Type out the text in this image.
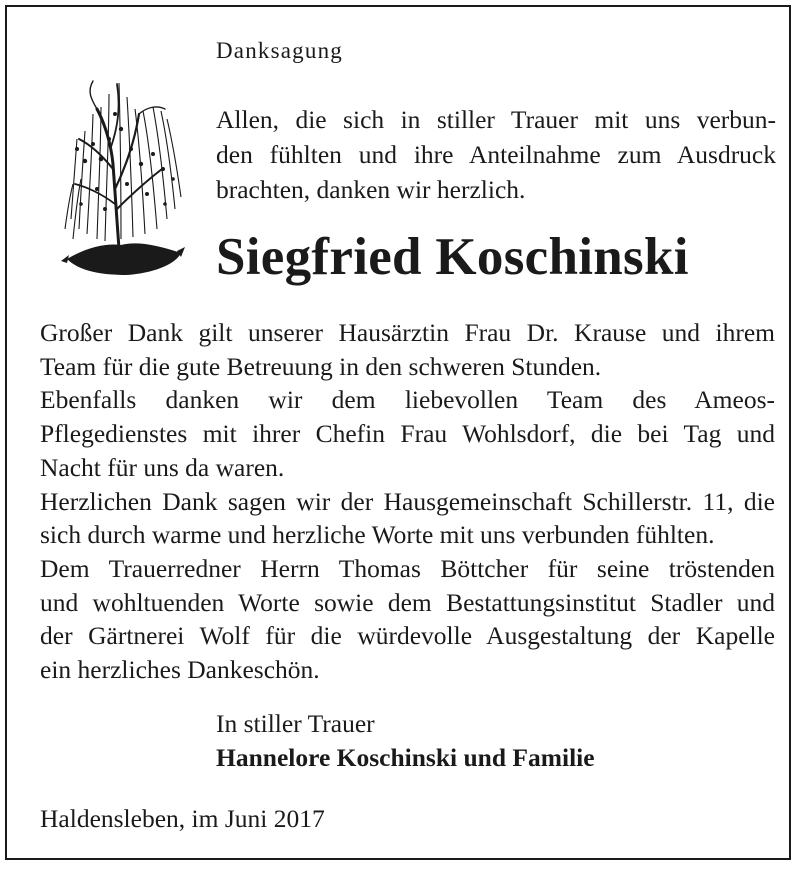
Danksagung
Allen, die sich in stiller Trauer mit uns verbun-
den fühlten und ihre Anteilnahme zum Ausdruck
brachten, danken wir herzlich.
Siegfried Koschinski
Großer Dank gilt unserer Hausärztin Frau Dr. Krause und ihrem
Team für die gute Betreuung in den schweren Stunden.
Ebenfalls danken wir dem liebevollen Team des Ameos-
Pflegedienstes mit ihrer Chefin Frau Wohlsdorf, die bei Tag und
Nacht für uns da waren.
Herzlichen Dank sagen wir der Hausgemeinschaft Schillerstr. 11, die
sich durch warme und herzliche Worte mit uns verbunden fühlten.
Dem Trauerredner Herrn Thomas Böttcher für seine tröstenden
und wohltuenden Worte sowie dem Bestattungsinstitut Stadler und
der Gärtnerei Wolf für die würdevolle Ausgestaltung der Kapelle
ein herzliches Dankeschön.
In stiller Trauer
Hannelore Koschinski und Familie
Haldensleben, im Juni 2017
